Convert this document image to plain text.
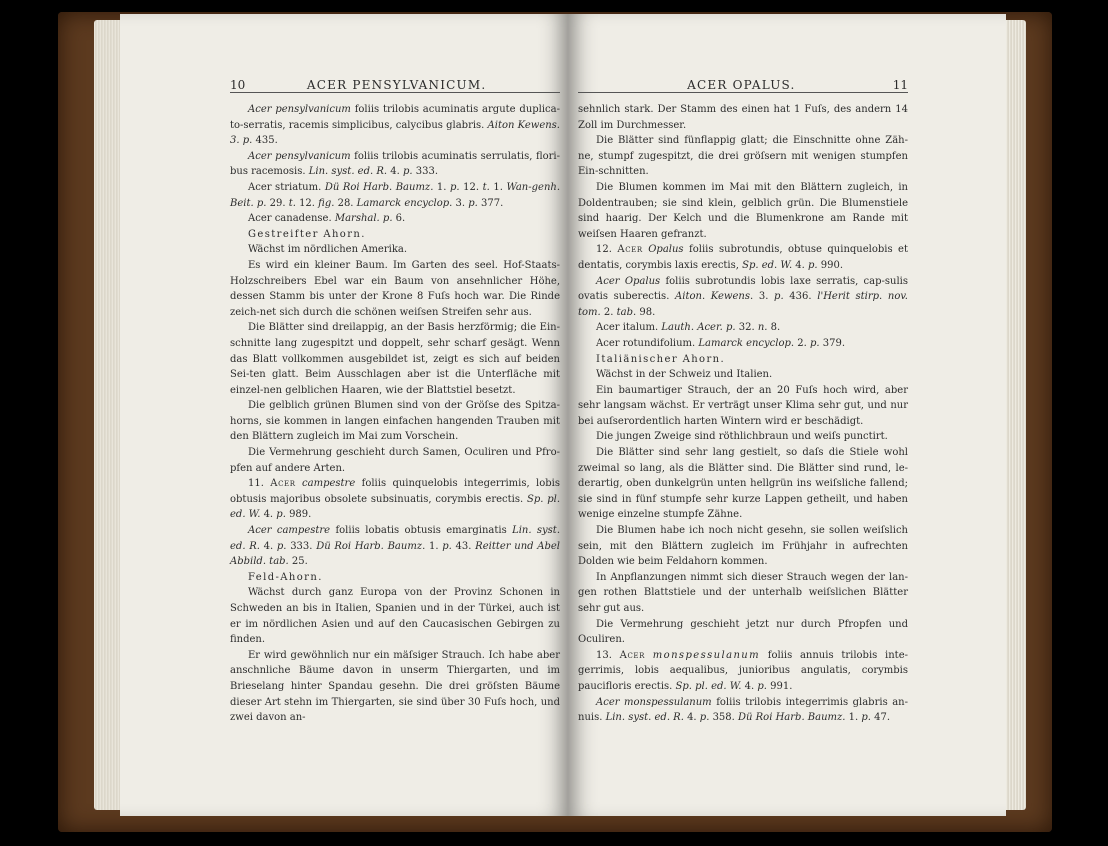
10	ACER PENSYLVANICUM.

Acer pensylvanicum foliis trilobis acuminatis argute duplica-to-serratis, racemis simplicibus, calycibus glabris. Aiton Kewens. 3. p. 435.

Acer pensylvanicum foliis trilobis acuminatis serrulatis, flori-bus racemosis. Lin. syst. ed. R. 4. p. 333.

Acer striatum. Dü Roi Harb. Baumz. 1. p. 12. t. 1. Wan-genh. Beit. p. 29. t. 12. fig. 28. Lamarck encyclop. 3. p. 377.

Acer canadense. Marshal. p. 6.

Gestreifter Ahorn.

Wächst im nördlichen Amerika.

Es wird ein kleiner Baum. Im Garten des seel. Hof-Staats-Holzschreibers Ebel war ein Baum von ansehnlicher Höhe, dessen Stamm bis unter der Krone 8 Fuſs hoch war. Die Rinde zeich-net sich durch die schönen weiſsen Streifen sehr aus.

Die Blätter sind dreilappig, an der Basis herzförmig; die Ein-schnitte lang zugespitzt und doppelt, sehr scharf gesägt. Wenn das Blatt vollkommen ausgebildet ist, zeigt es sich auf beiden Sei-ten glatt. Beim Ausschlagen aber ist die Unterfläche mit einzel-nen gelblichen Haaren, wie der Blattstiel besetzt.

Die gelblich grünen Blumen sind von der Gröſse des Spitza-horns, sie kommen in langen einfachen hangenden Trauben mit den Blättern zugleich im Mai zum Vorschein.

Die Vermehrung geschieht durch Samen, Oculiren und Pfro-pfen auf andere Arten.

11. Acer campestre foliis quinquelobis integerrimis, lobis obtusis majoribus obsolete subsinuatis, corymbis erectis. Sp. pl. ed. W. 4. p. 989.

Acer campestre foliis lobatis obtusis emarginatis Lin. syst. ed. R. 4. p. 333. Dü Roi Harb. Baumz. 1. p. 43. Reitter und Abel Abbild. tab. 25.

Feld-Ahorn.

Wächst durch ganz Europa von der Provinz Schonen in Schweden an bis in Italien, Spanien und in der Türkei, auch ist er im nördlichen Asien und auf den Caucasischen Gebirgen zu finden.

Er wird gewöhnlich nur ein mäſsiger Strauch. Ich habe aber anschnliche Bäume davon in unserm Thiergarten, und im Brieselang hinter Spandau gesehn. Die drei gröſsten Bäume dieser Art stehn im Thiergarten, sie sind über 30 Fuſs hoch, und zwei davon an-

ACER OPALUS.	11

sehnlich stark. Der Stamm des einen hat 1 Fuſs, des andern 14 Zoll im Durchmesser.

Die Blätter sind fünflappig glatt; die Einschnitte ohne Zäh-ne, stumpf zugespitzt, die drei gröſsern mit wenigen stumpfen Ein-schnitten.

Die Blumen kommen im Mai mit den Blättern zugleich, in Doldentrauben; sie sind klein, gelblich grün. Die Blumenstiele sind haarig. Der Kelch und die Blumenkrone am Rande mit weiſsen Haaren gefranzt.

12. Acer Opalus foliis subrotundis, obtuse quinquelobis et dentatis, corymbis laxis erectis, Sp. ed. W. 4. p. 990.

Acer Opalus foliis subrotundis lobis laxe serratis, cap-sulis ovatis suberectis. Aiton. Kewens. 3. p. 436. l'Herit stirp. nov. tom. 2. tab. 98.

Acer italum. Lauth. Acer. p. 32. n. 8.

Acer rotundifolium. Lamarck encyclop. 2. p. 379.

Italiänischer Ahorn.

Wächst in der Schweiz und Italien.

Ein baumartiger Strauch, der an 20 Fuſs hoch wird, aber sehr langsam wächst. Er verträgt unser Klima sehr gut, und nur bei auſserordentlich harten Wintern wird er beschädigt.

Die jungen Zweige sind röthlichbraun und weiſs punctirt.

Die Blätter sind sehr lang gestielt, so daſs die Stiele wohl zweimal so lang, als die Blätter sind. Die Blätter sind rund, le-derartig, oben dunkelgrün unten hellgrün ins weiſsliche fallend; sie sind in fünf stumpfe sehr kurze Lappen getheilt, und haben wenige einzelne stumpfe Zähne.

Die Blumen habe ich noch nicht gesehn, sie sollen weiſslich sein, mit den Blättern zugleich im Frühjahr in aufrechten Dolden wie beim Feldahorn kommen.

In Anpflanzungen nimmt sich dieser Strauch wegen der lan-gen rothen Blattstiele und der unterhalb weiſslichen Blätter sehr gut aus.

Die Vermehrung geschieht jetzt nur durch Pfropfen und Oculiren.

13. Acer monspessulanum foliis annuis trilobis inte-gerrimis, lobis aequalibus, junioribus angulatis, corymbis paucifloris erectis. Sp. pl. ed. W. 4. p. 991.

Acer monspessulanum foliis trilobis integerrimis glabris an-nuis. Lin. syst. ed. R. 4. p. 358. Dü Roi Harb. Baumz. 1. p. 47.
